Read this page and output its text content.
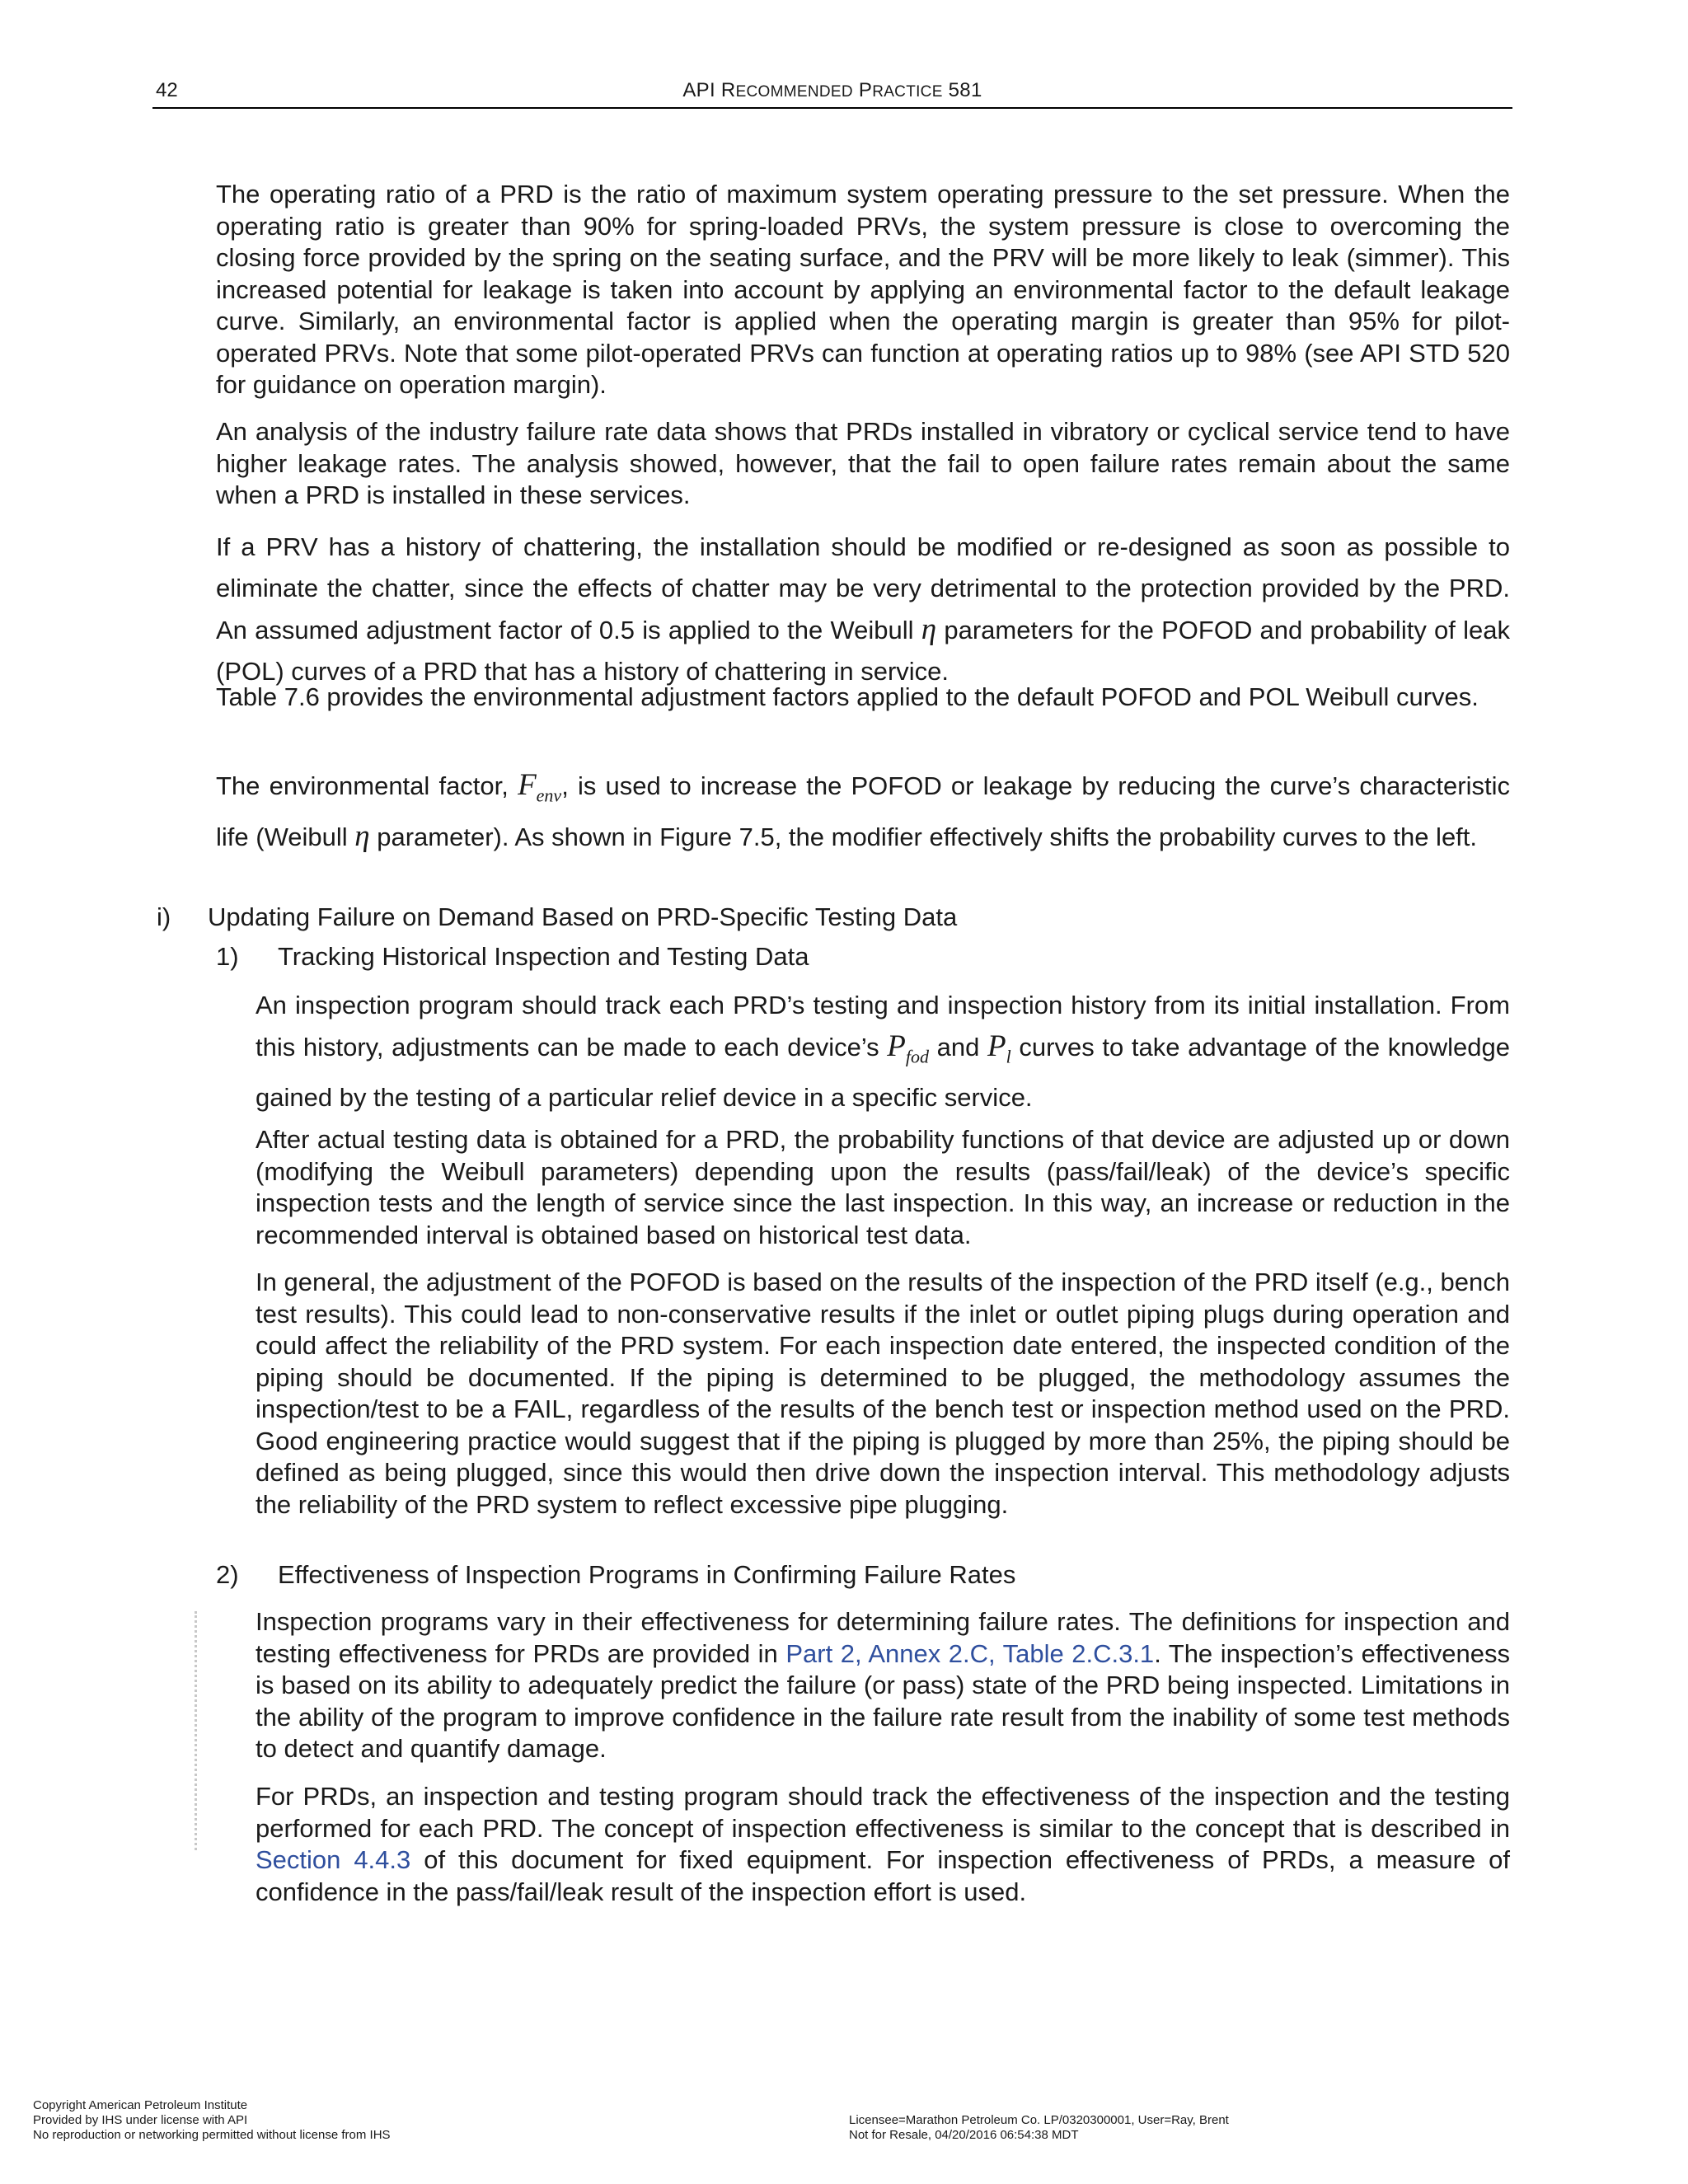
42	API RECOMMENDED PRACTICE 581

The operating ratio of a PRD is the ratio of maximum system operating pressure to the set pressure. When the operating ratio is greater than 90% for spring-loaded PRVs, the system pressure is close to overcoming the closing force provided by the spring on the seating surface, and the PRV will be more likely to leak (simmer). This increased potential for leakage is taken into account by applying an environmental factor to the default leakage curve. Similarly, an environmental factor is applied when the operating margin is greater than 95% for pilot-operated PRVs. Note that some pilot-operated PRVs can function at operating ratios up to 98% (see API STD 520 for guidance on operation margin).

An analysis of the industry failure rate data shows that PRDs installed in vibratory or cyclical service tend to have higher leakage rates. The analysis showed, however, that the fail to open failure rates remain about the same when a PRD is installed in these services.

If a PRV has a history of chattering, the installation should be modified or re-designed as soon as possible to eliminate the chatter, since the effects of chatter may be very detrimental to the protection provided by the PRD. An assumed adjustment factor of 0.5 is applied to the Weibull η parameters for the POFOD and probability of leak (POL) curves of a PRD that has a history of chattering in service.

Table 7.6 provides the environmental adjustment factors applied to the default POFOD and POL Weibull curves.

The environmental factor, $F_{env}$, is used to increase the POFOD or leakage by reducing the curve’s characteristic life (Weibull η parameter). As shown in Figure 7.5, the modifier effectively shifts the probability curves to the left.

i) Updating Failure on Demand Based on PRD-Specific Testing Data
1) Tracking Historical Inspection and Testing Data

An inspection program should track each PRD’s testing and inspection history from its initial installation. From this history, adjustments can be made to each device’s $P_{fod}$ and $P_l$ curves to take advantage of the knowledge gained by the testing of a particular relief device in a specific service.

After actual testing data is obtained for a PRD, the probability functions of that device are adjusted up or down (modifying the Weibull parameters) depending upon the results (pass/fail/leak) of the device’s specific inspection tests and the length of service since the last inspection. In this way, an increase or reduction in the recommended interval is obtained based on historical test data.

In general, the adjustment of the POFOD is based on the results of the inspection of the PRD itself (e.g., bench test results). This could lead to non-conservative results if the inlet or outlet piping plugs during operation and could affect the reliability of the PRD system. For each inspection date entered, the inspected condition of the piping should be documented. If the piping is determined to be plugged, the methodology assumes the inspection/test to be a FAIL, regardless of the results of the bench test or inspection method used on the PRD. Good engineering practice would suggest that if the piping is plugged by more than 25%, the piping should be defined as being plugged, since this would then drive down the inspection interval. This methodology adjusts the reliability of the PRD system to reflect excessive pipe plugging.

2) Effectiveness of Inspection Programs in Confirming Failure Rates

Inspection programs vary in their effectiveness for determining failure rates. The definitions for inspection and testing effectiveness for PRDs are provided in Part 2, Annex 2.C, Table 2.C.3.1. The inspection’s effectiveness is based on its ability to adequately predict the failure (or pass) state of the PRD being inspected. Limitations in the ability of the program to improve confidence in the failure rate result from the inability of some test methods to detect and quantify damage.

For PRDs, an inspection and testing program should track the effectiveness of the inspection and the testing performed for each PRD. The concept of inspection effectiveness is similar to the concept that is described in Section 4.4.3 of this document for fixed equipment. For inspection effectiveness of PRDs, a measure of confidence in the pass/fail/leak result of the inspection effort is used.

Copyright American Petroleum Institute
Provided by IHS under license with API
No reproduction or networking permitted without license from IHS
Licensee=Marathon Petroleum Co. LP/0320300001, User=Ray, Brent
Not for Resale, 04/20/2016 06:54:38 MDT
